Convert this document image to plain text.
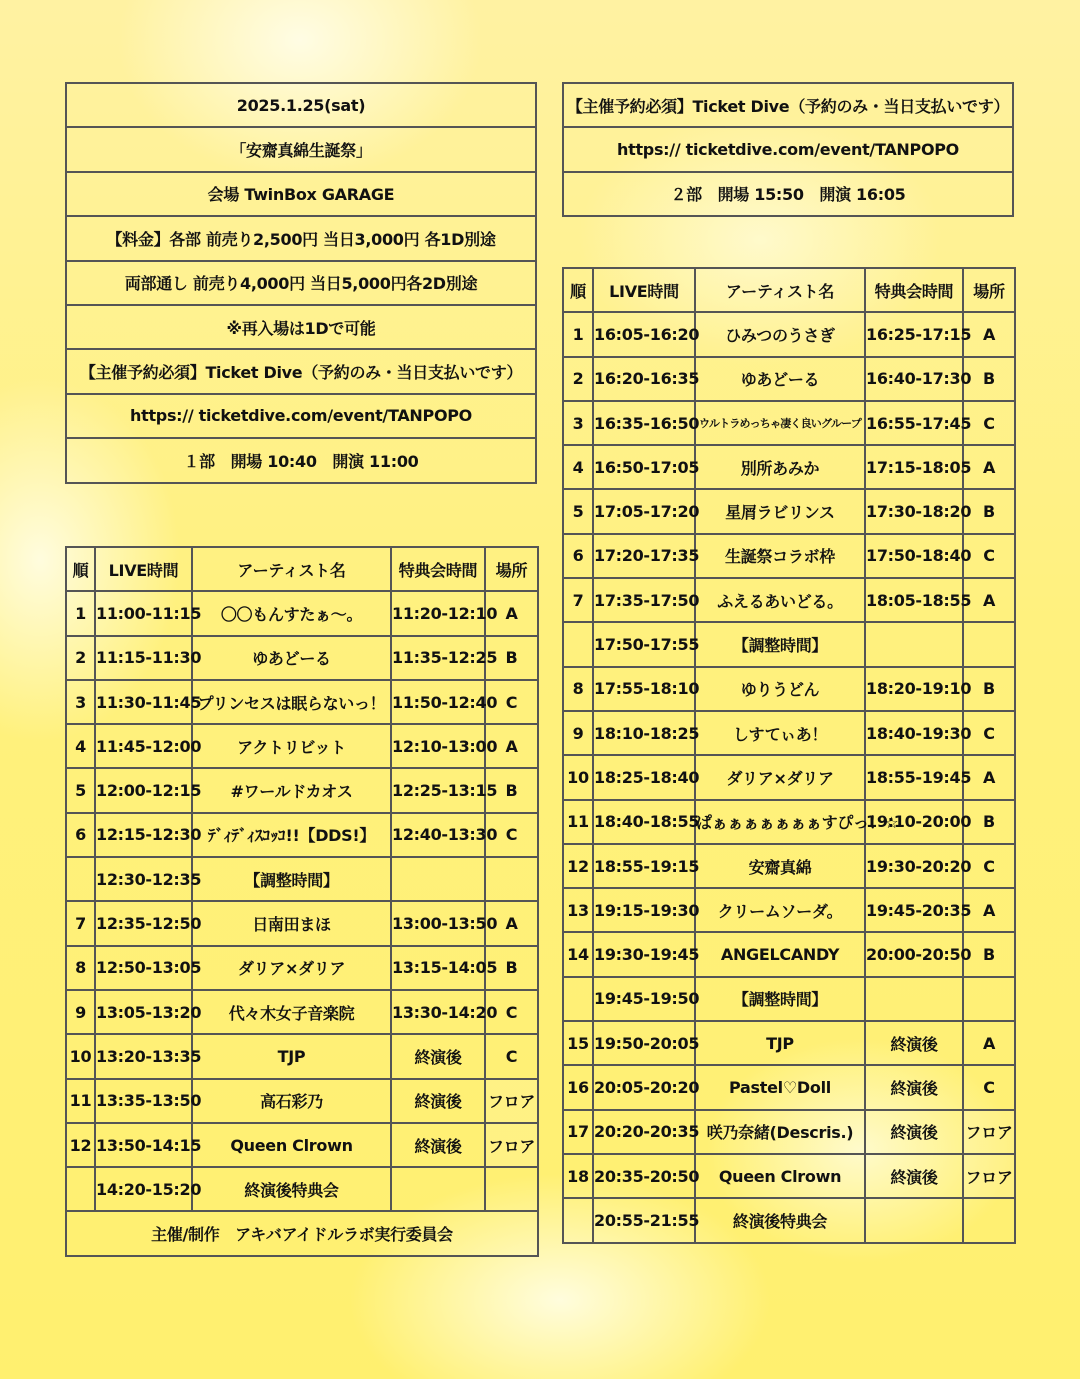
2025.1.25(sat)
「安齋真綿生誕祭」
会場 TwinBox GARAGE
【料金】各部 前売り2,500円 当日3,000円 各1D別途
両部通し 前売り4,000円 当日5,000円各2D別途
※再入場は1Dで可能
【主催予約必須】Ticket Dive（予約のみ・当日支払いです）
https:// ticketdive.com/event/TANPOPO
１部　開場 10:40　開演 11:00
【主催予約必須】Ticket Dive（予約のみ・当日支払いです）
https:// ticketdive.com/event/TANPOPO
２部　開場 15:50　開演 16:05
順	LIVE時間	アーティスト名	特典会時間	場所
1	11:00-11:15	〇〇もんすたぁ〜。	11:20-12:10	A
2	11:15-11:30	ゆあどーる	11:35-12:25	B
3	11:30-11:45	プリンセスは眠らないっ！	11:50-12:40	C
4	11:45-12:00	アクトリビット	12:10-13:00	A
5	12:00-12:15	#ワールドカオス	12:25-13:15	B
6	12:15-12:30	ﾃﾞｨﾃﾞｨｽｺｯｺ!!【DDS!】	12:40-13:30	C
	12:30-12:35	【調整時間】		
7	12:35-12:50	日南田まほ	13:00-13:50	A
8	12:50-13:05	ダリア×ダリア	13:15-14:05	B
9	13:05-13:20	代々木女子音楽院	13:30-14:20	C
10	13:20-13:35	TJP	終演後	C
11	13:35-13:50	高石彩乃	終演後	フロア
12	13:50-14:15	Queen Clrown	終演後	フロア
	14:20-15:20	終演後特典会		
主催/制作　アキバアイドルラボ実行委員会				
順	LIVE時間	アーティスト名	特典会時間	場所
1	16:05-16:20	ひみつのうさぎ	16:25-17:15	A
2	16:20-16:35	ゆあどーる	16:40-17:30	B
3	16:35-16:50	ウルトラめっちゃ凄く良いグループ	16:55-17:45	C
4	16:50-17:05	別所あみか	17:15-18:05	A
5	17:05-17:20	星屑ラビリンス	17:30-18:20	B
6	17:20-17:35	生誕祭コラボ枠	17:50-18:40	C
7	17:35-17:50	ふえるあいどる。	18:05-18:55	A
	17:50-17:55	【調整時間】		
8	17:55-18:10	ゆりうどん	18:20-19:10	B
9	18:10-18:25	しすてぃあ！	18:40-19:30	C
10	18:25-18:40	ダリア×ダリア	18:55-19:45	A
11	18:40-18:55	ぱぁぁぁぁぁぁぁすぴっ！☆	19:10-20:00	B
12	18:55-19:15	安齋真綿	19:30-20:20	C
13	19:15-19:30	クリームソーダ。	19:45-20:35	A
14	19:30-19:45	ANGELCANDY	20:00-20:50	B
	19:45-19:50	【調整時間】		
15	19:50-20:05	TJP	終演後	A
16	20:05-20:20	Pastel♡Doll	終演後	C
17	20:20-20:35	咲乃奈緒(Descris.)	終演後	フロア
18	20:35-20:50	Queen Clrown	終演後	フロア
	20:55-21:55	終演後特典会		
